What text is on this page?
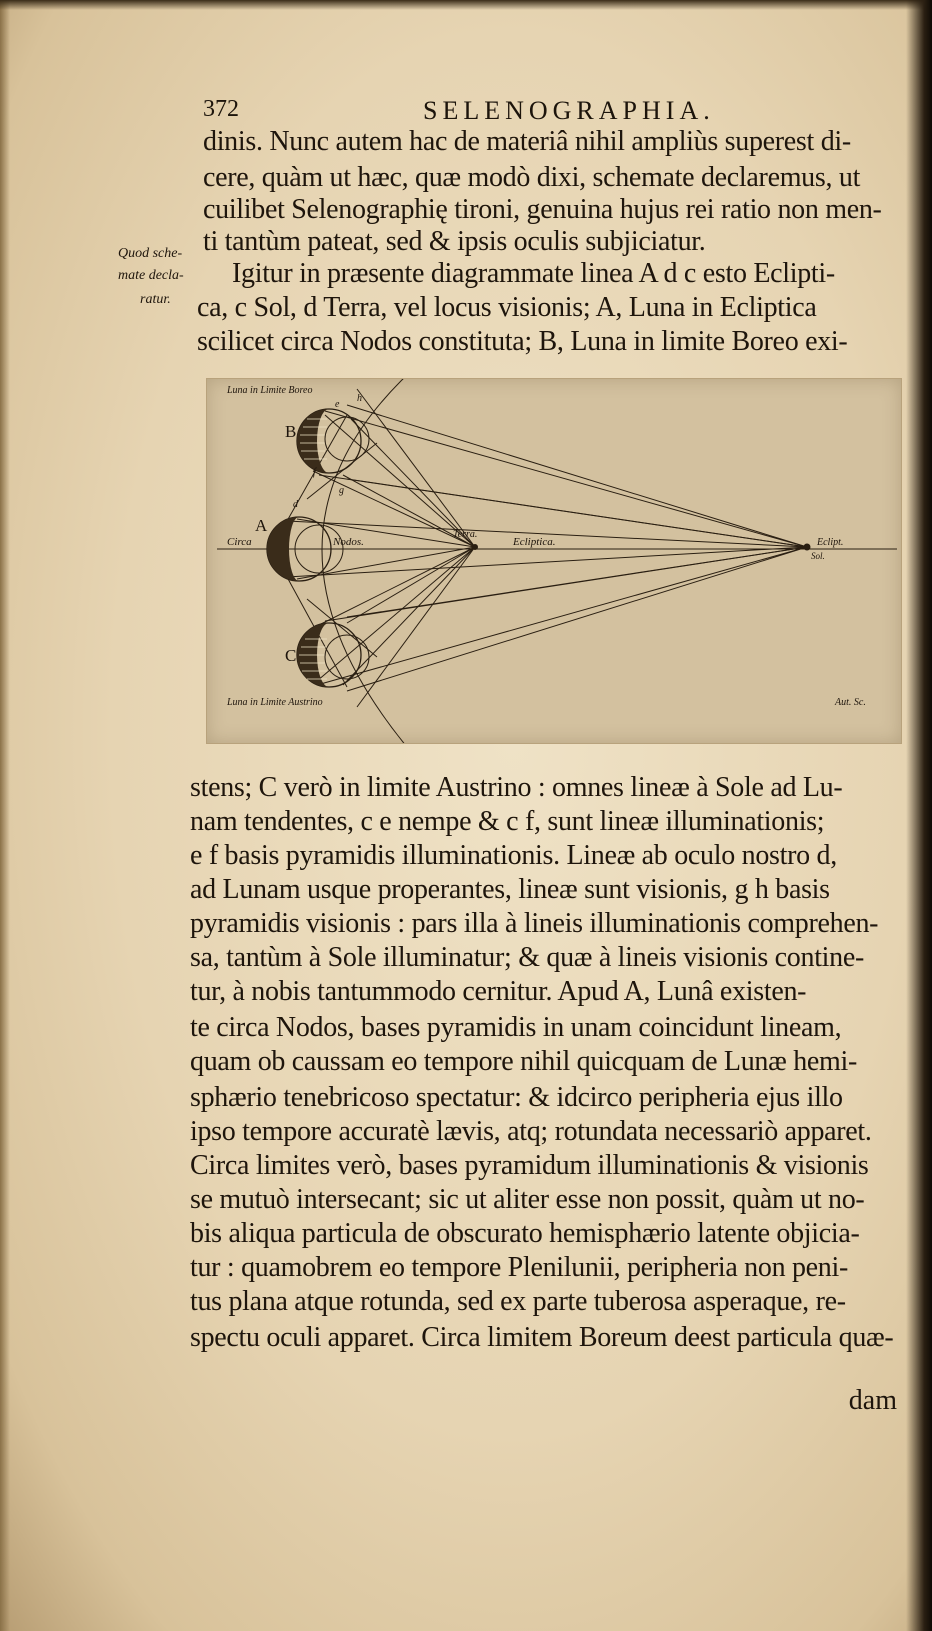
372	SELENOGRAPHIA.
dinis. Nunc autem hac de materiâ nihil ampliùs superest di-
cere, quàm ut hæc, quæ modò dixi, schemate declaremus, ut
cuilibet Selenographię tironi, genuina hujus rei ratio non men-
ti tantùm pateat, sed & ipsis oculis subjiciatur.
Igitur in præsente diagrammate linea A d c esto Eclipti-
ca, c Sol, d Terra, vel locus visionis; A, Luna in Ecliptica
scilicet circa Nodos constituta; B, Luna in limite Boreo exi-
Quod sche-
mate decla-
ratur.
B
A
C
Circa	Nodos.
Terra.
Ecliptica.	Eclipt.
Sol.
Luna in Limite Boreo
Luna in Limite Austrino	Aut. Sc.
d
e
f
g
h
stens; C verò in limite Austrino : omnes lineæ à Sole ad Lu-
nam tendentes, c e nempe & c f, sunt lineæ illuminationis;
e f basis pyramidis illuminationis. Lineæ ab oculo nostro d,
ad Lunam usque properantes, lineæ sunt visionis, g h basis
pyramidis visionis : pars illa à lineis illuminationis comprehen-
sa, tantùm à Sole illuminatur; & quæ à lineis visionis contine-
tur, à nobis tantummodo cernitur. Apud A, Lunâ existen-
te circa Nodos, bases pyramidis in unam coincidunt lineam,
quam ob caussam eo tempore nihil quicquam de Lunæ hemi-
sphærio tenebricoso spectatur: & idcirco peripheria ejus illo
ipso tempore accuratè lævis, atq; rotundata necessariò apparet.
Circa limites verò, bases pyramidum illuminationis & visionis
se mutuò intersecant; sic ut aliter esse non possit, quàm ut no-
bis aliqua particula de obscurato hemisphærio latente objicia-
tur : quamobrem eo tempore Plenilunii, peripheria non peni-
tus plana atque rotunda, sed ex parte tuberosa asperaque, re-
spectu oculi apparet. Circa limitem Boreum deest particula quæ-
dam
